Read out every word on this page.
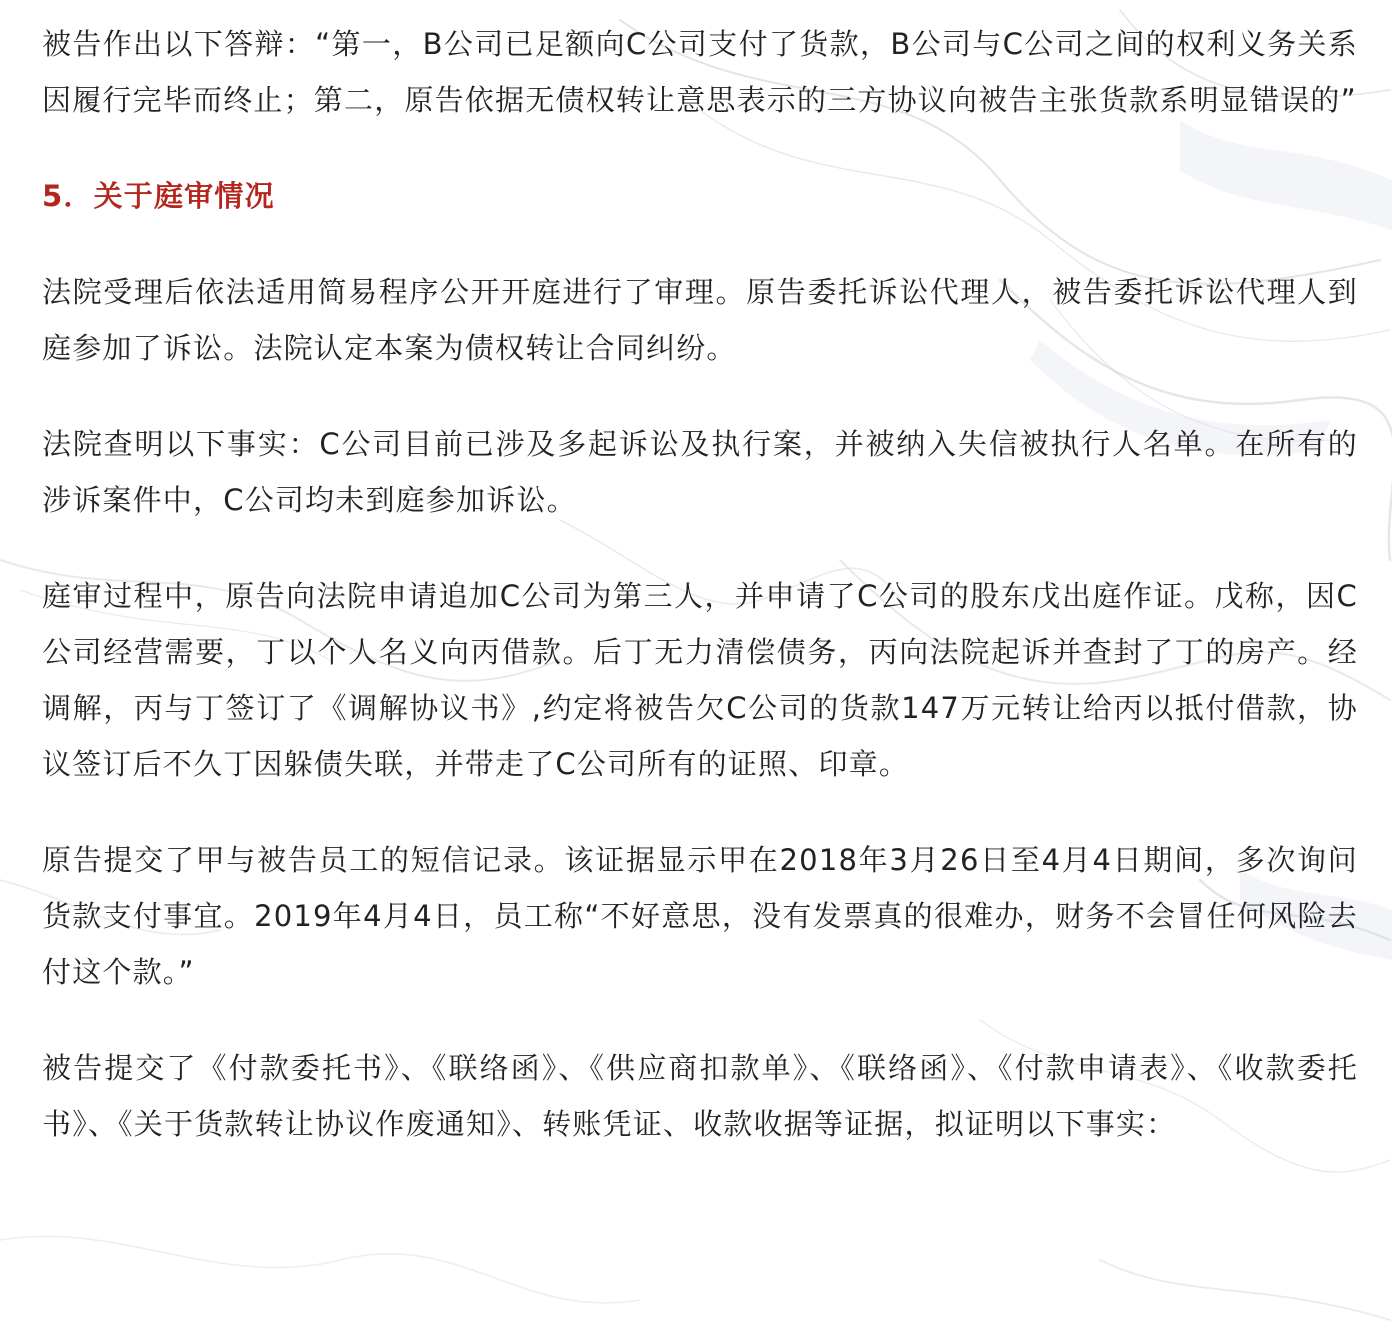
被告作出以下答辩：“第一，B公司已足额向C公司支付了货款，B公司与C公司之间的权利义务关系因履行完毕而终止；第二，原告依据无债权转让意思表示的三方协议向被告主张货款系明显错误的”

5．关于庭审情况

法院受理后依法适用简易程序公开开庭进行了审理。原告委托诉讼代理人，被告委托诉讼代理人到庭参加了诉讼。法院认定本案为债权转让合同纠纷。

法院查明以下事实：C公司目前已涉及多起诉讼及执行案，并被纳入失信被执行人名单。在所有的涉诉案件中，C公司均未到庭参加诉讼。

庭审过程中，原告向法院申请追加C公司为第三人，并申请了C公司的股东戊出庭作证。戊称，因C公司经营需要，丁以个人名义向丙借款。后丁无力清偿债务，丙向法院起诉并查封了丁的房产。经调解，丙与丁签订了《调解协议书》,约定将被告欠C公司的货款147万元转让给丙以抵付借款，协议签订后不久丁因躲债失联，并带走了C公司所有的证照、印章。

原告提交了甲与被告员工的短信记录。该证据显示甲在2018年3月26日至4月4日期间，多次询问货款支付事宜。2019年4月4日，员工称“不好意思，没有发票真的很难办，财务不会冒任何风险去付这个款。”

被告提交了《付款委托书》、《联络函》、《供应商扣款单》、《联络函》、《付款申请表》、《收款委托书》、《关于货款转让协议作废通知》、转账凭证、收款收据等证据，拟证明以下事实：
